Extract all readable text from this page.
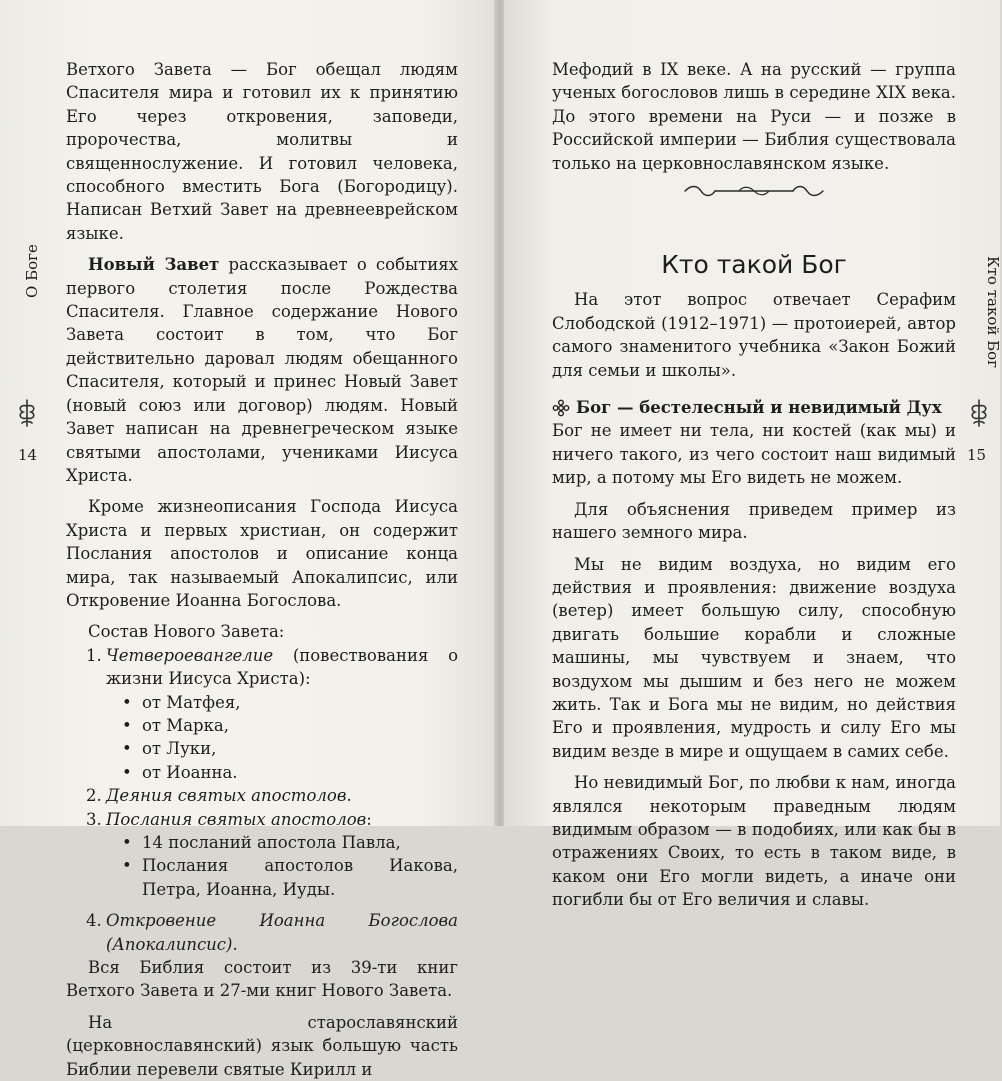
О Боге
14

Ветхого Завета — Бог обещал людям Спасителя мира и готовил их к принятию Его через откровения, заповеди, пророчества, молитвы и священнослужение. И готовил человека, способного вместить Бога (Богородицу). Написан Ветхий Завет на древнееврейском языке.

Новый Завет рассказывает о событиях первого столетия после Рождества Спасителя. Главное содержание Нового Завета состоит в том, что Бог действительно даровал людям обещанного Спасителя, который и принес Новый Завет (новый союз или договор) людям. Новый Завет написан на древнегреческом языке святыми апостолами, учениками Иисуса Христа.

Кроме жизнеописания Господа Иисуса Христа и первых христиан, он содержит Послания апостолов и описание конца мира, так называемый Апокалипсис, или Откровение Иоанна Богослова.

Состав Нового Завета:

1. Четвероевангелие (повествования о жизни Иисуса Христа):
• от Матфея,
• от Марка,
• от Луки,
• от Иоанна.
2. Деяния святых апостолов.
3. Послания святых апостолов:
• 14 посланий апостола Павла,
• Послания апостолов Иакова, Петра, Иоанна, Иуды.
4. Откровение Иоанна Богослова (Апокалипсис).

Вся Библия состоит из 39-ти книг Ветхого Завета и 27-ми книг Нового Завета.

На старославянский (церковнославянский) язык большую часть Библии перевели святые Кирилл и

Кто такой Бог
15

Мефодий в IX веке. А на русский — группа ученых богословов лишь в середине XIX века. До этого времени на Руси — и позже в Российской империи — Библия существовала только на церковнославянском языке.

Кто такой Бог

На этот вопрос отвечает Серафим Слободской (1912–1971) — протоиерей, автор самого знаменитого учебника «Закон Божий для семьи и школы».

Бог — бестелесный и невидимый Дух

Бог не имеет ни тела, ни костей (как мы) и ничего такого, из чего состоит наш видимый мир, а потому мы Его видеть не можем.

Для объяснения приведем пример из нашего земного мира.

Мы не видим воздуха, но видим его действия и проявления: движение воздуха (ветер) имеет большую силу, способную двигать большие корабли и сложные машины, мы чувствуем и знаем, что воздухом мы дышим и без него не можем жить. Так и Бога мы не видим, но действия Его и проявления, мудрость и силу Его мы видим везде в мире и ощущаем в самих себе.

Но невидимый Бог, по любви к нам, иногда являлся некоторым праведным людям видимым образом — в подобиях, или как бы в отражениях Своих, то есть в таком виде, в каком они Его могли видеть, а иначе они погибли бы от Его величия и славы.
